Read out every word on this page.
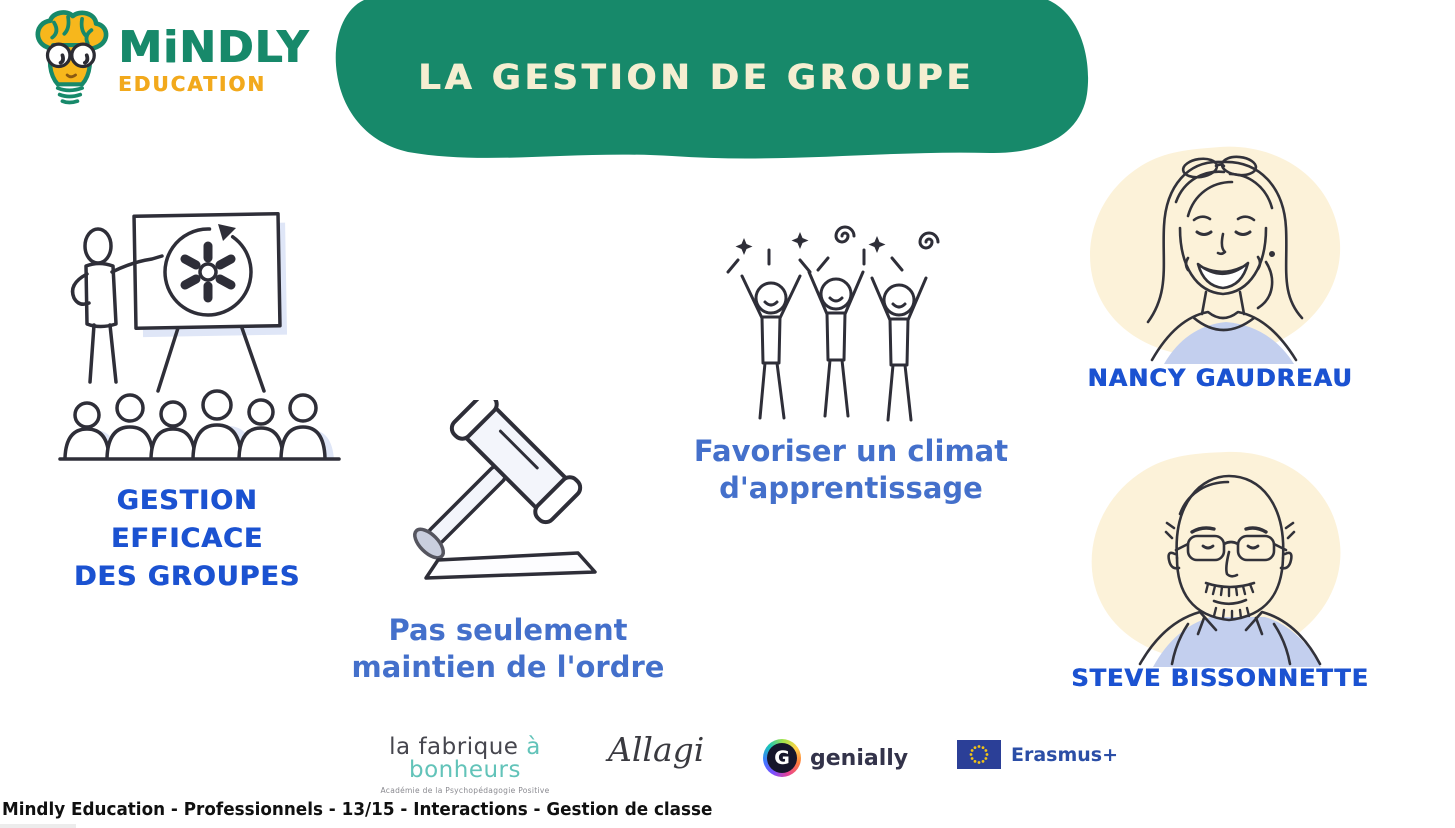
MiNDLY
EDUCATION	LA GESTION DE GROUPE
GESTION
EFFICACE
DES GROUPES
Pas seulement
maintien de l'ordre
Favoriser un climat
d'apprentissage
NANCY GAUDREAU
STEVE BISSONNETTE
la fabrique à bonheurs
Académie de la Psychopédagogie Positive
Allagi	G genially	Erasmus+
Mindly Education - Professionnels - 13/15 - Interactions - Gestion de classe
